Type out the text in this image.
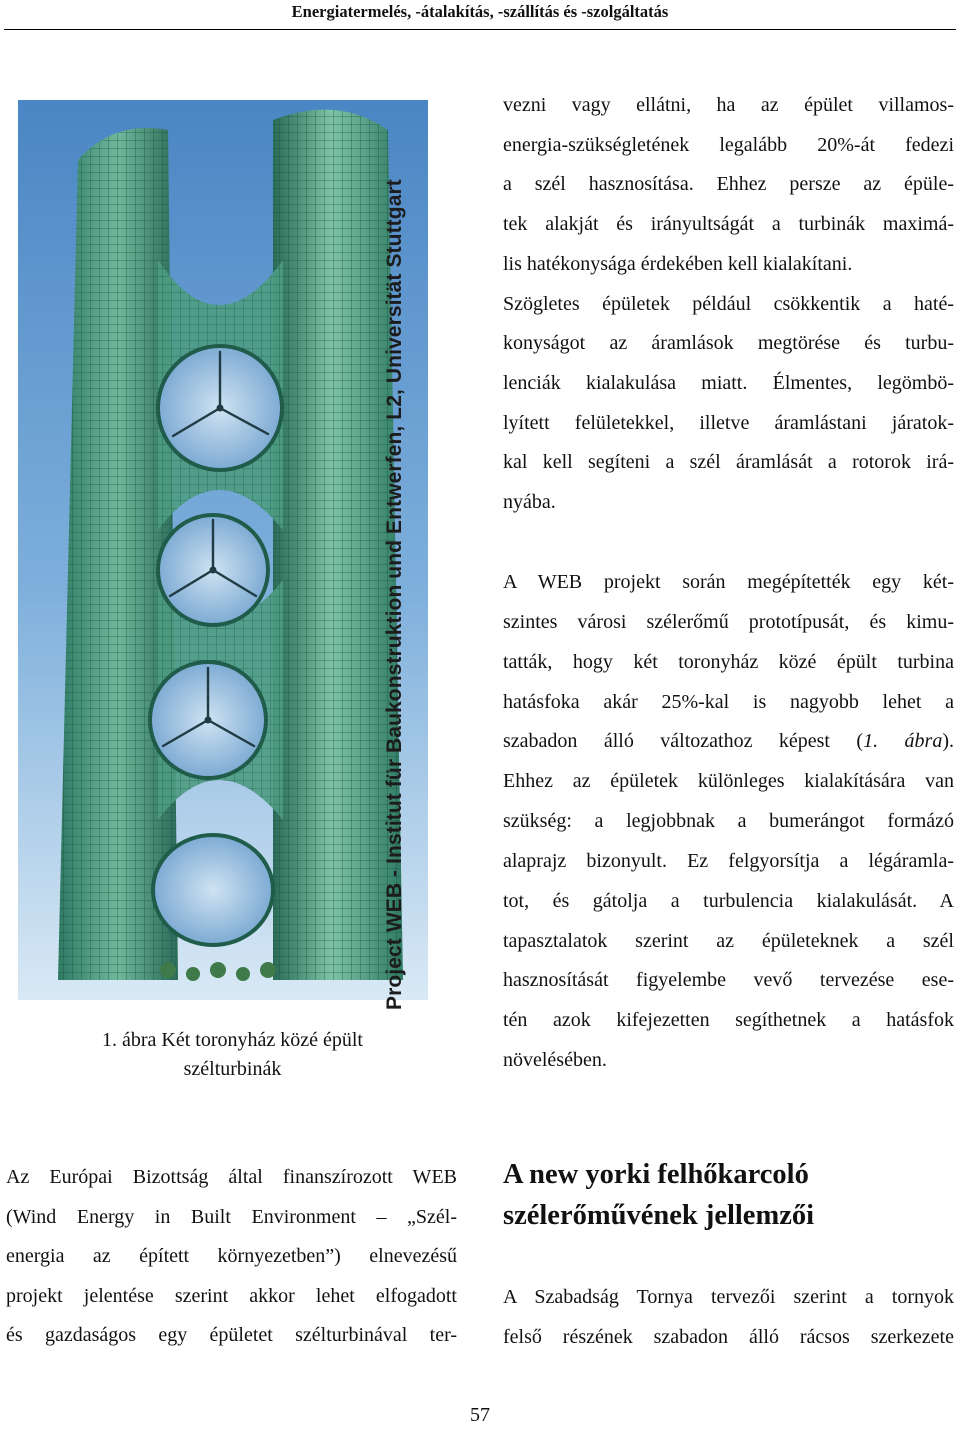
Energiatermelés, -átalakítás, -szállítás és -szolgáltatás
Project WEB - Institut für Baukonstruktion und Entwerfen, L2, Universität Stuttgart
1. ábra Két toronyház közé épült
szélturbinák
vezni vagy ellátni, ha az épület villamos-
energia-szükségletének legalább 20%-át fedezi
a szél hasznosítása. Ehhez persze az épüle-
tek alakját és irányultságát a turbinák maximá-
lis hatékonysága érdekében kell kialakítani.
Szögletes épületek például csökkentik a haté-
konyságot az áramlások megtörése és turbu-
lenciák kialakulása miatt. Élmentes, legömbö-
lyített felületekkel, illetve áramlástani járatok-
kal kell segíteni a szél áramlását a rotorok irá-
nyába.
A WEB projekt során megépítették egy két-
szintes városi szélerőmű prototípusát, és kimu-
tatták, hogy két toronyház közé épült turbina
hatásfoka akár 25%-kal is nagyobb lehet a
szabadon álló változathoz képest (1. ábra).
Ehhez az épületek különleges kialakítására van
szükség: a legjobbnak a bumerángot formázó
alaprajz bizonyult. Ez felgyorsítja a légáramla-
tot, és gátolja a turbulencia kialakulását. A
tapasztalatok szerint az épületeknek a szél
hasznosítását figyelembe vevő tervezése ese-
tén azok kifejezetten segíthetnek a hatásfok
növelésében.
Az Európai Bizottság által finanszírozott WEB
(Wind Energy in Built Environment – „Szél-
energia az épített környezetben”) elnevezésű
projekt jelentése szerint akkor lehet elfogadott
és gazdaságos egy épületet szélturbinával ter-
A new yorki felhőkarcoló
szélerőművének jellemzői
A Szabadság Tornya tervezői szerint a tornyok
felső részének szabadon álló rácsos szerkezete
57
